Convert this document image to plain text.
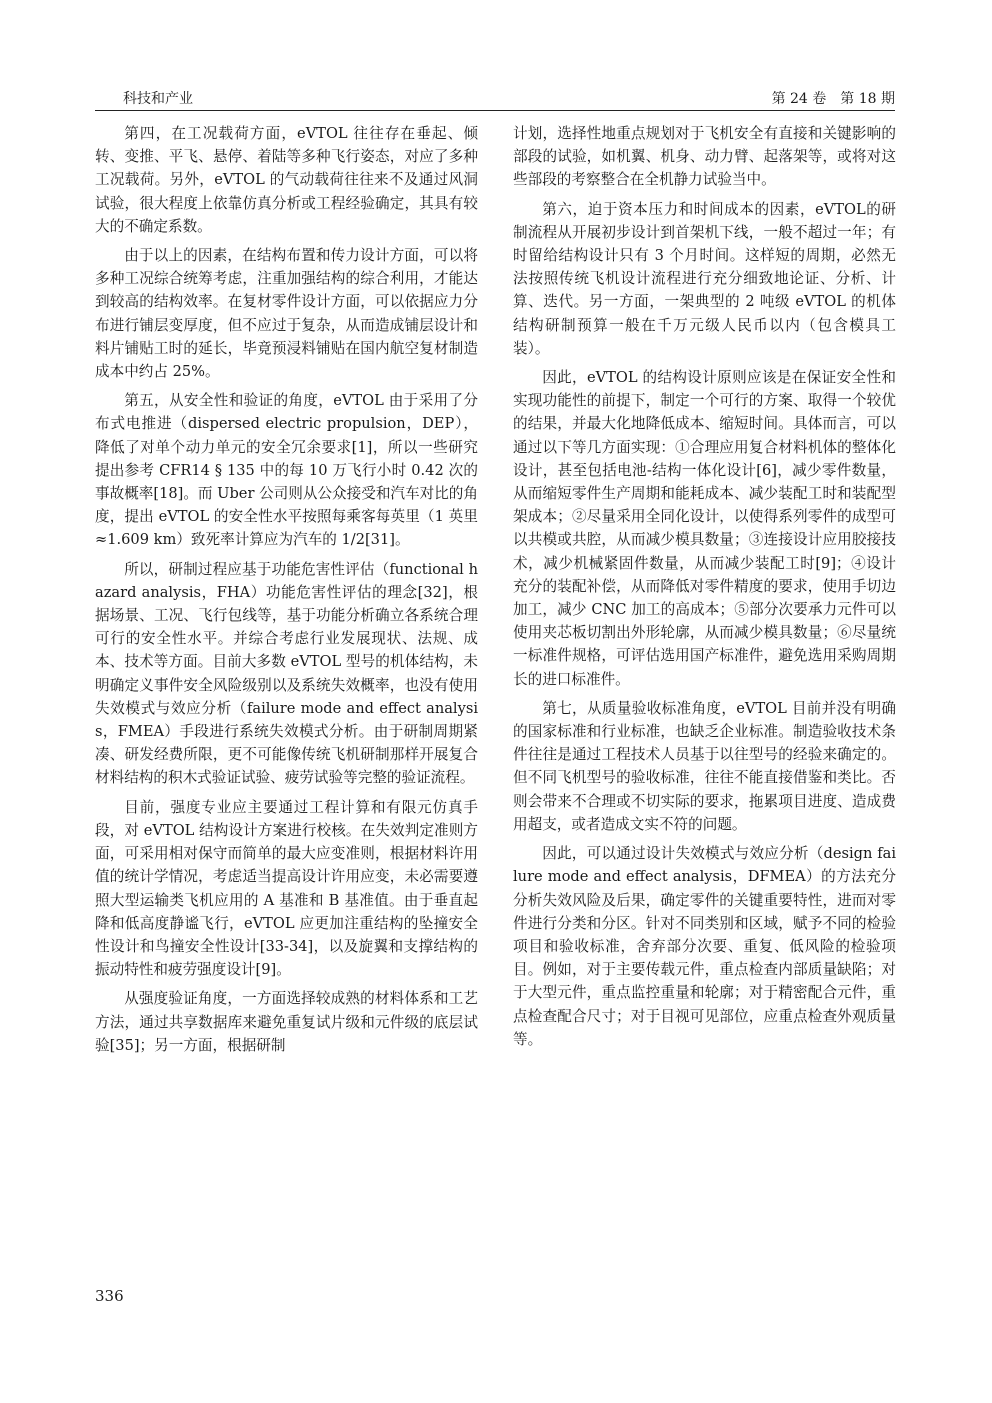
科技和产业	第 24 卷　第 18 期

第四，在工况载荷方面，eVTOL 往往存在垂起、倾转、变推、平飞、悬停、着陆等多种飞行姿态，对应了多种工况载荷。另外，eVTOL 的气动载荷往往来不及通过风洞试验，很大程度上依靠仿真分析或工程经验确定，其具有较大的不确定系数。

由于以上的因素，在结构布置和传力设计方面，可以将多种工况综合统筹考虑，注重加强结构的综合利用，才能达到较高的结构效率。在复材零件设计方面，可以依据应力分布进行铺层变厚度，但不应过于复杂，从而造成铺层设计和料片铺贴工时的延长，毕竟预浸料铺贴在国内航空复材制造成本中约占 25%。

第五，从安全性和验证的角度，eVTOL 由于采用了分布式电推进（dispersed electric propulsion，DEP），降低了对单个动力单元的安全冗余要求[1]，所以一些研究提出参考 CFR14 § 135 中的每 10 万飞行小时 0.42 次的事故概率[18]。而 Uber 公司则从公众接受和汽车对比的角度，提出 eVTOL 的安全性水平按照每乘客每英里（1 英里≈1.609 km）致死率计算应为汽车的 1/2[31]。

所以，研制过程应基于功能危害性评估（functional hazard analysis，FHA）功能危害性评估的理念[32]，根据场景、工况、飞行包线等，基于功能分析确立各系统合理可行的安全性水平。并综合考虑行业发展现状、法规、成本、技术等方面。目前大多数 eVTOL 型号的机体结构，未明确定义事件安全风险级别以及系统失效概率，也没有使用失效模式与效应分析（failure mode and effect analysis，FMEA）手段进行系统失效模式分析。由于研制周期紧凑、研发经费所限，更不可能像传统飞机研制那样开展复合材料结构的积木式验证试验、疲劳试验等完整的验证流程。

目前，强度专业应主要通过工程计算和有限元仿真手段，对 eVTOL 结构设计方案进行校核。在失效判定准则方面，可采用相对保守而简单的最大应变准则，根据材料许用值的统计学情况，考虑适当提高设计许用应变，未必需要遵照大型运输类飞机应用的 A 基准和 B 基准值。由于垂直起降和低高度静谧飞行，eVTOL 应更加注重结构的坠撞安全性设计和鸟撞安全性设计[33-34]，以及旋翼和支撑结构的振动特性和疲劳强度设计[9]。

从强度验证角度，一方面选择较成熟的材料体系和工艺方法，通过共享数据库来避免重复试片级和元件级的底层试验[35]；另一方面，根据研制

计划，选择性地重点规划对于飞机安全有直接和关键影响的部段的试验，如机翼、机身、动力臂、起落架等，或将对这些部段的考察整合在全机静力试验当中。

第六，迫于资本压力和时间成本的因素，eVTOL的研制流程从开展初步设计到首架机下线，一般不超过一年；有时留给结构设计只有 3 个月时间。这样短的周期，必然无法按照传统飞机设计流程进行充分细致地论证、分析、计算、迭代。另一方面，一架典型的 2 吨级 eVTOL 的机体结构研制预算一般在千万元级人民币以内（包含模具工装）。

因此，eVTOL 的结构设计原则应该是在保证安全性和实现功能性的前提下，制定一个可行的方案、取得一个较优的结果，并最大化地降低成本、缩短时间。具体而言，可以通过以下等几方面实现：①合理应用复合材料机体的整体化设计，甚至包括电池-结构一体化设计[6]，减少零件数量，从而缩短零件生产周期和能耗成本、减少装配工时和装配型架成本；②尽量采用全同化设计，以使得系列零件的成型可以共模或共腔，从而减少模具数量；③连接设计应用胶接技术，减少机械紧固件数量，从而减少装配工时[9]；④设计充分的装配补偿，从而降低对零件精度的要求，使用手切边加工，减少 CNC 加工的高成本；⑤部分次要承力元件可以使用夹芯板切割出外形轮廓，从而减少模具数量；⑥尽量统一标准件规格，可评估选用国产标准件，避免选用采购周期长的进口标准件。

第七，从质量验收标准角度，eVTOL 目前并没有明确的国家标准和行业标准，也缺乏企业标准。制造验收技术条件往往是通过工程技术人员基于以往型号的经验来确定的。但不同飞机型号的验收标准，往往不能直接借鉴和类比。否则会带来不合理或不切实际的要求，拖累项目进度、造成费用超支，或者造成文实不符的问题。

因此，可以通过设计失效模式与效应分析（design failure mode and effect analysis，DFMEA）的方法充分分析失效风险及后果，确定零件的关键重要特性，进而对零件进行分类和分区。针对不同类别和区域，赋予不同的检验项目和验收标准，舍弃部分次要、重复、低风险的检验项目。例如，对于主要传载元件，重点检查内部质量缺陷；对于大型元件，重点监控重量和轮廓；对于精密配合元件，重点检查配合尺寸；对于目视可见部位，应重点检查外观质量等。

336
